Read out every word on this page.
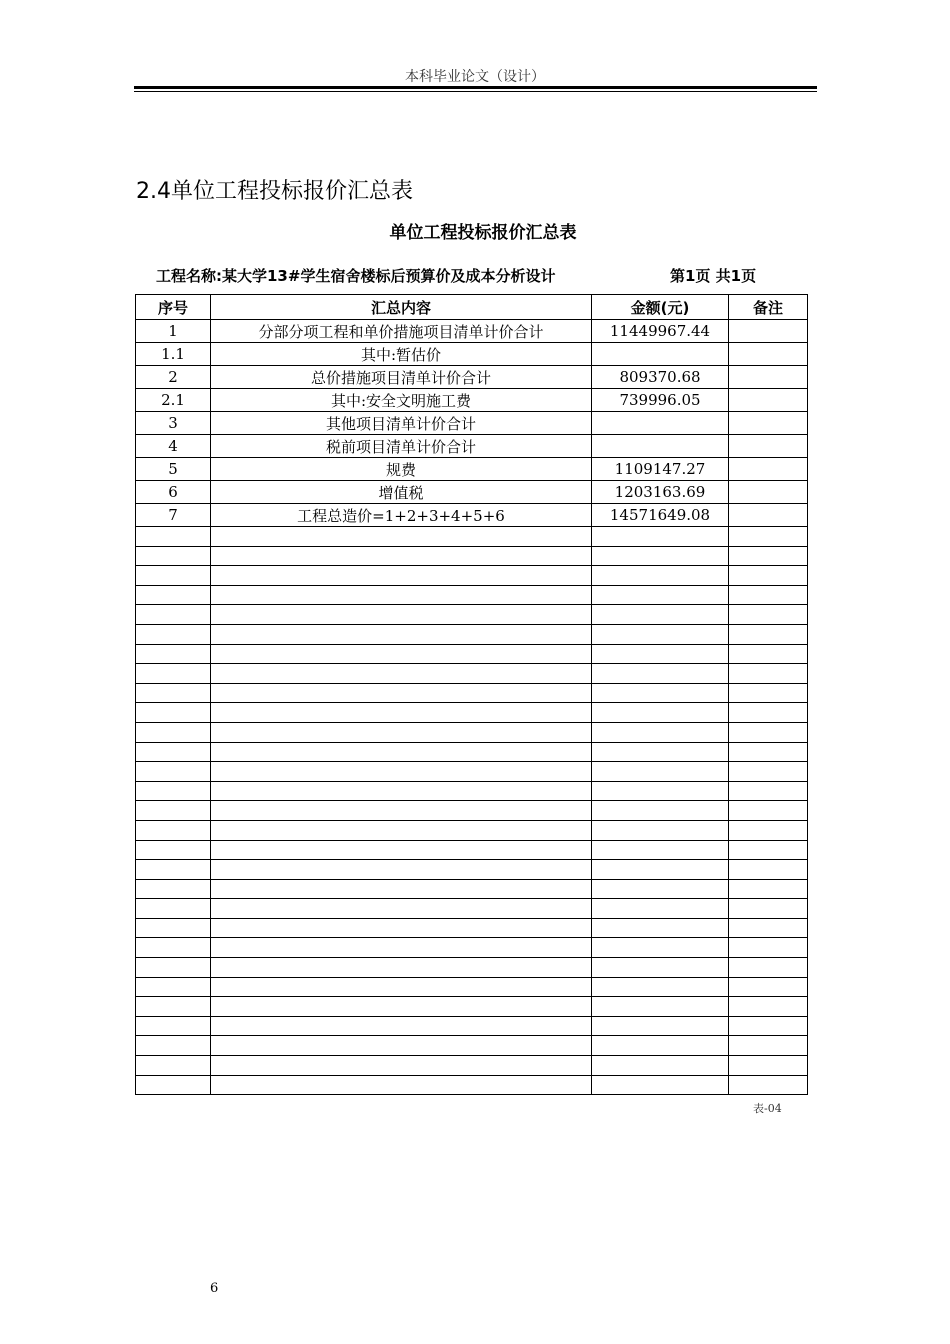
本科毕业论文（设计）
2.4单位工程投标报价汇总表
单位工程投标报价汇总表
工程名称:某大学13#学生宿舍楼标后预算价及成本分析设计	第1页 共1页
序号	汇总内容	金额(元)	备注
1	分部分项工程和单价措施项目清单计价合计	11449967.44	
1.1	其中:暂估价		
2	总价措施项目清单计价合计	809370.68	
2.1	其中:安全文明施工费	739996.05	
3	其他项目清单计价合计		
4	税前项目清单计价合计		
5	规费	1109147.27	
6	增值税	1203163.69	
7	工程总造价=1+2+3+4+5+6	14571649.08	

表-04
6
